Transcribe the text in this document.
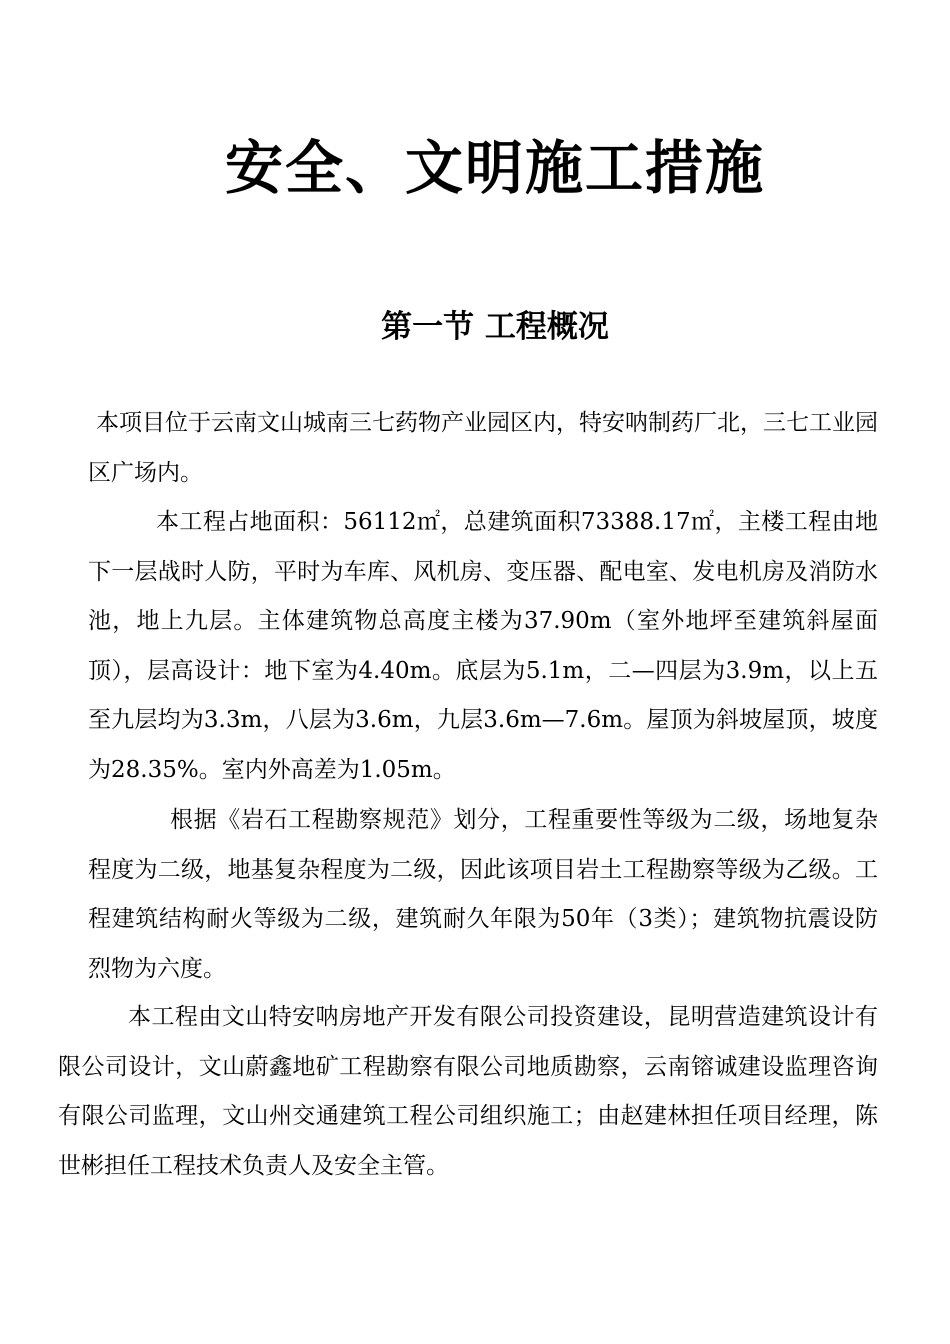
安全、文明施工措施
第一节 工程概况

本项目位于云南文山城南三七药物产业园区内，特安呐制药厂北，三七工业园区广场内。

本工程占地面积：56112㎡，总建筑面积73388.17㎡，主楼工程由地下一层战时人防，平时为车库、风机房、变压器、配电室、发电机房及消防水池，地上九层。主体建筑物总高度主楼为37.90m（室外地坪至建筑斜屋面顶），层高设计：地下室为4.40m。底层为5.1m，二—四层为3.9m，以上五至九层均为3.3m，八层为3.6m，九层3.6m—7.6m。屋顶为斜坡屋顶，坡度为28.35%。室内外高差为1.05m。

根据《岩石工程勘察规范》划分，工程重要性等级为二级，场地复杂程度为二级，地基复杂程度为二级，因此该项目岩土工程勘察等级为乙级。工程建筑结构耐火等级为二级，建筑耐久年限为50年（3类）；建筑物抗震设防烈物为六度。

本工程由文山特安呐房地产开发有限公司投资建设，昆明营造建筑设计有限公司设计，文山蔚鑫地矿工程勘察有限公司地质勘察，云南镕诚建设监理咨询有限公司监理，文山州交通建筑工程公司组织施工；由赵建林担任项目经理，陈世彬担任工程技术负责人及安全主管。
